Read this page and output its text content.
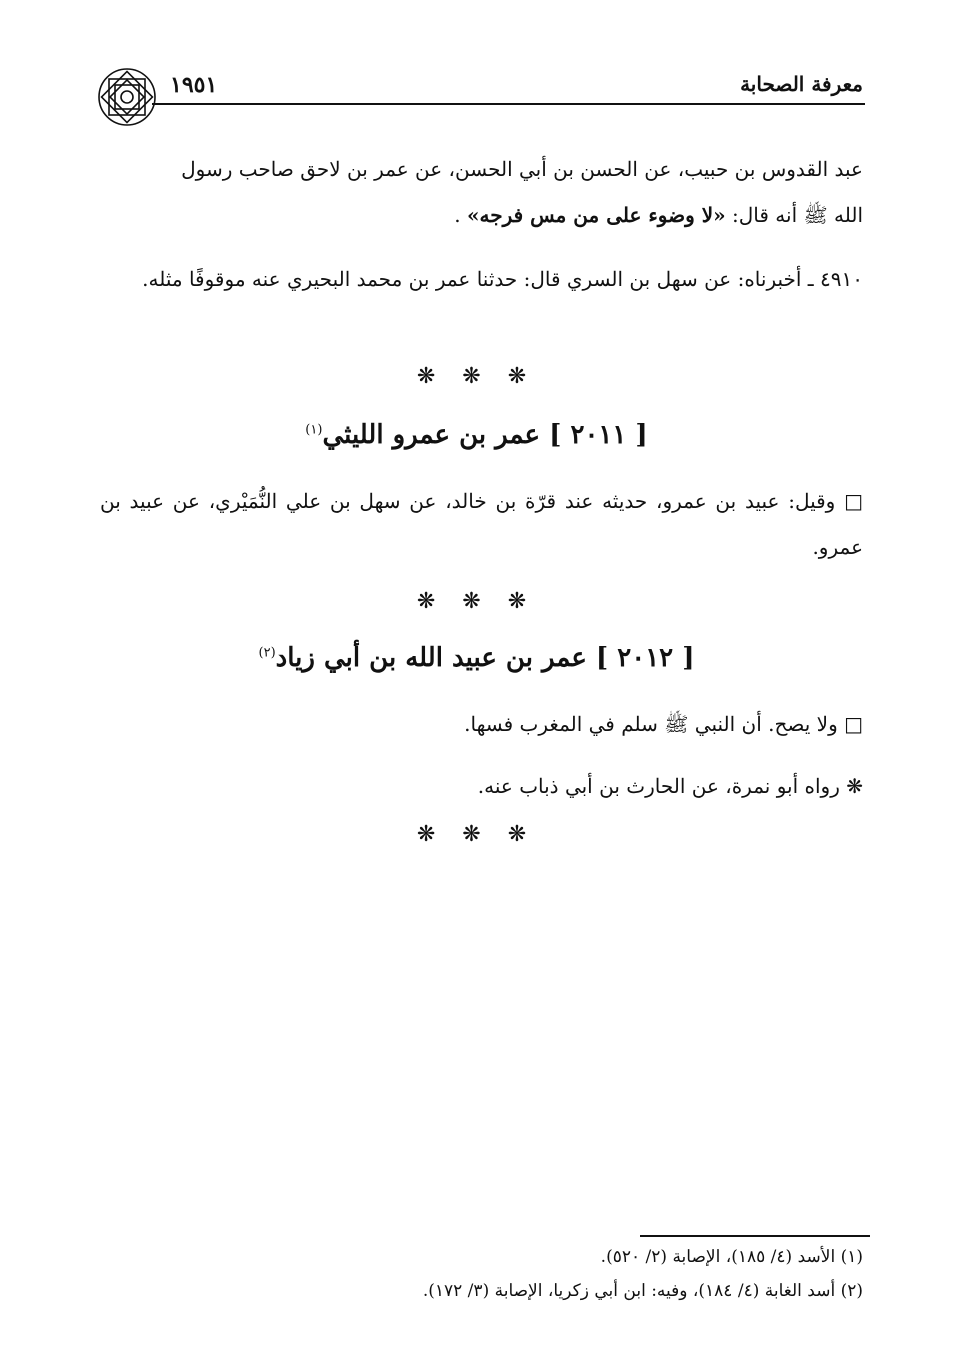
معرفة الصحابة
١٩٥١
عبد القدوس بن حبيب، عن الحسن بن أبي الحسن، عن عمر بن لاحق صاحب رسول
الله ﷺ أنه قال: «لا وضوء على من مس فرجه» .
٤٩١٠ ـ أخبرناه: عن سهل بن السري قال: حدثنا عمر بن محمد البحيري عنه موقوفًا مثله.
❋ ❋ ❋
[ ٢٠١١ ] عمر بن عمرو الليثي$^{(١)}$
□ وقيل: عبيد بن عمرو، حديثه عند قرّة بن خالد، عن سهل بن علي النُّمَيْري، عن عبيد بن عمرو.
❋ ❋ ❋
[ ٢٠١٢ ] عمر بن عبيد الله بن أبي زياد$^{(٢)}$
□ ولا يصح. أن النبي ﷺ سلم في المغرب فسها.
❋ رواه أبو نمرة، عن الحارث بن أبي ذباب عنه.
❋ ❋ ❋
(١) الأسد (٤/ ١٨٥)، الإصابة (٢/ ٥٢٠).
(٢) أسد الغابة (٤/ ١٨٤)، وفيه: ابن أبي زكريا، الإصابة (٣/ ١٧٢).
